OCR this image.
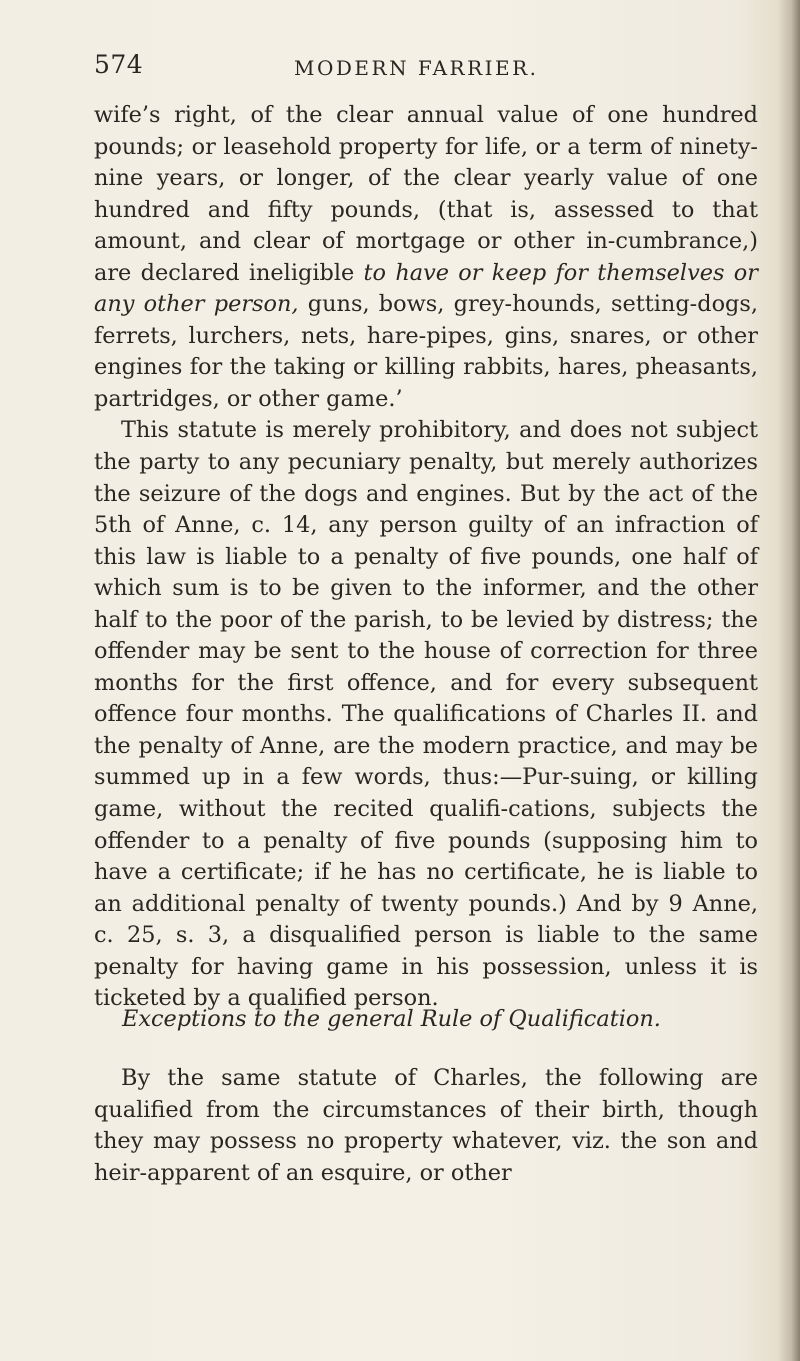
574	MODERN FARRIER.

wife’s right, of the clear annual value of one hundred pounds; or leasehold property for life, or a term of ninety-nine years, or longer, of the clear yearly value of one hundred and fifty pounds, (that is, assessed to that amount, and clear of mortgage or other in-cumbrance,) are declared ineligible to have or keep for themselves or any other person, guns, bows, grey-hounds, setting-dogs, ferrets, lurchers, nets, hare-pipes, gins, snares, or other engines for the taking or killing rabbits, hares, pheasants, partridges, or other game.’

This statute is merely prohibitory, and does not subject the party to any pecuniary penalty, but merely authorizes the seizure of the dogs and engines. But by the act of the 5th of Anne, c. 14, any person guilty of an infraction of this law is liable to a penalty of five pounds, one half of which sum is to be given to the informer, and the other half to the poor of the parish, to be levied by distress; the offender may be sent to the house of correction for three months for the first offence, and for every subsequent offence four months. The qualifications of Charles II. and the penalty of Anne, are the modern practice, and may be summed up in a few words, thus:—Pur-suing, or killing game, without the recited qualifi-cations, subjects the offender to a penalty of five pounds (supposing him to have a certificate; if he has no certificate, he is liable to an additional penalty of twenty pounds.) And by 9 Anne, c. 25, s. 3, a disqualified person is liable to the same penalty for having game in his possession, unless it is ticketed by a qualified person.

Exceptions to the general Rule of Qualification.

By the same statute of Charles, the following are qualified from the circumstances of their birth, though they may possess no property whatever, viz. the son and heir-apparent of an esquire, or other
